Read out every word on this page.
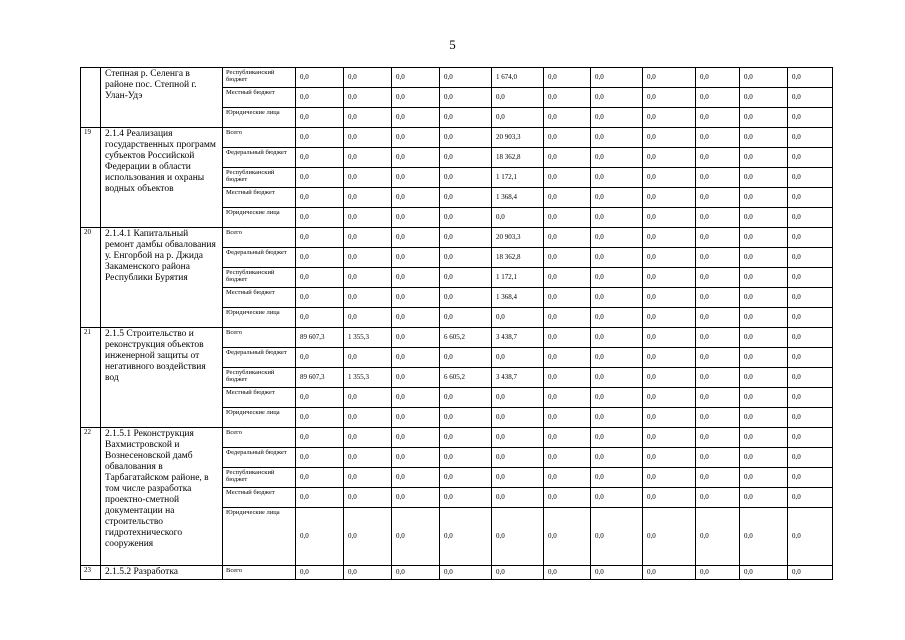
5
	Степная р. Селенга в районе пос. Степной г. Улан-Удэ	Республиканский бюджет	0,0	0,0	0,0	0,0	1 674,0	0,0	0,0	0,0	0,0	0,0	0,0
		Местный бюджет	0,0	0,0	0,0	0,0	0,0	0,0	0,0	0,0	0,0	0,0	0,0
		Юридические лица	0,0	0,0	0,0	0,0	0,0	0,0	0,0	0,0	0,0	0,0	0,0
19	2.1.4 Реализация государственных программ субъектов Российской Федерации в области использования и охраны водных объектов	Всего	0,0	0,0	0,0	0,0	20 903,3	0,0	0,0	0,0	0,0	0,0	0,0
		Федеральный бюджет	0,0	0,0	0,0	0,0	18 362,8	0,0	0,0	0,0	0,0	0,0	0,0
		Республиканский бюджет	0,0	0,0	0,0	0,0	1 172,1	0,0	0,0	0,0	0,0	0,0	0,0
		Местный бюджет	0,0	0,0	0,0	0,0	1 368,4	0,0	0,0	0,0	0,0	0,0	0,0
		Юридические лица	0,0	0,0	0,0	0,0	0,0	0,0	0,0	0,0	0,0	0,0	0,0
20	2.1.4.1 Капитальный ремонт дамбы обвалования у. Енгорбой на р. Джида Закаменского района Республики Бурятия	Всего	0,0	0,0	0,0	0,0	20 903,3	0,0	0,0	0,0	0,0	0,0	0,0
		Федеральный бюджет	0,0	0,0	0,0	0,0	18 362,8	0,0	0,0	0,0	0,0	0,0	0,0
		Республиканский бюджет	0,0	0,0	0,0	0,0	1 172,1	0,0	0,0	0,0	0,0	0,0	0,0
		Местный бюджет	0,0	0,0	0,0	0,0	1 368,4	0,0	0,0	0,0	0,0	0,0	0,0
		Юридические лица	0,0	0,0	0,0	0,0	0,0	0,0	0,0	0,0	0,0	0,0	0,0
21	2.1.5 Строительство и реконструкция объектов инженерной защиты от негативного воздействия вод	Всего	89 607,3	1 355,3	0,0	6 605,2	3 438,7	0,0	0,0	0,0	0,0	0,0	0,0
		Федеральный бюджет	0,0	0,0	0,0	0,0	0,0	0,0	0,0	0,0	0,0	0,0	0,0
		Республиканский бюджет	89 607,3	1 355,3	0,0	6 605,2	3 438,7	0,0	0,0	0,0	0,0	0,0	0,0
		Местный бюджет	0,0	0,0	0,0	0,0	0,0	0,0	0,0	0,0	0,0	0,0	0,0
		Юридические лица	0,0	0,0	0,0	0,0	0,0	0,0	0,0	0,0	0,0	0,0	0,0
22	2.1.5.1 Реконструкция Вахмистровской и Вознесеновской дамб обвалования в Тарбагатайском районе, в том числе разработка проектно-сметной документации на строительство гидротехнического сооружения	Всего	0,0	0,0	0,0	0,0	0,0	0,0	0,0	0,0	0,0	0,0	0,0
		Федеральный бюджет	0,0	0,0	0,0	0,0	0,0	0,0	0,0	0,0	0,0	0,0	0,0
		Республиканский бюджет	0,0	0,0	0,0	0,0	0,0	0,0	0,0	0,0	0,0	0,0	0,0
		Местный бюджет	0,0	0,0	0,0	0,0	0,0	0,0	0,0	0,0	0,0	0,0	0,0
		Юридические лица	0,0	0,0	0,0	0,0	0,0	0,0	0,0	0,0	0,0	0,0	0,0
23	2.1.5.2 Разработка	Всего	0,0	0,0	0,0	0,0	0,0	0,0	0,0	0,0	0,0	0,0	0,0
